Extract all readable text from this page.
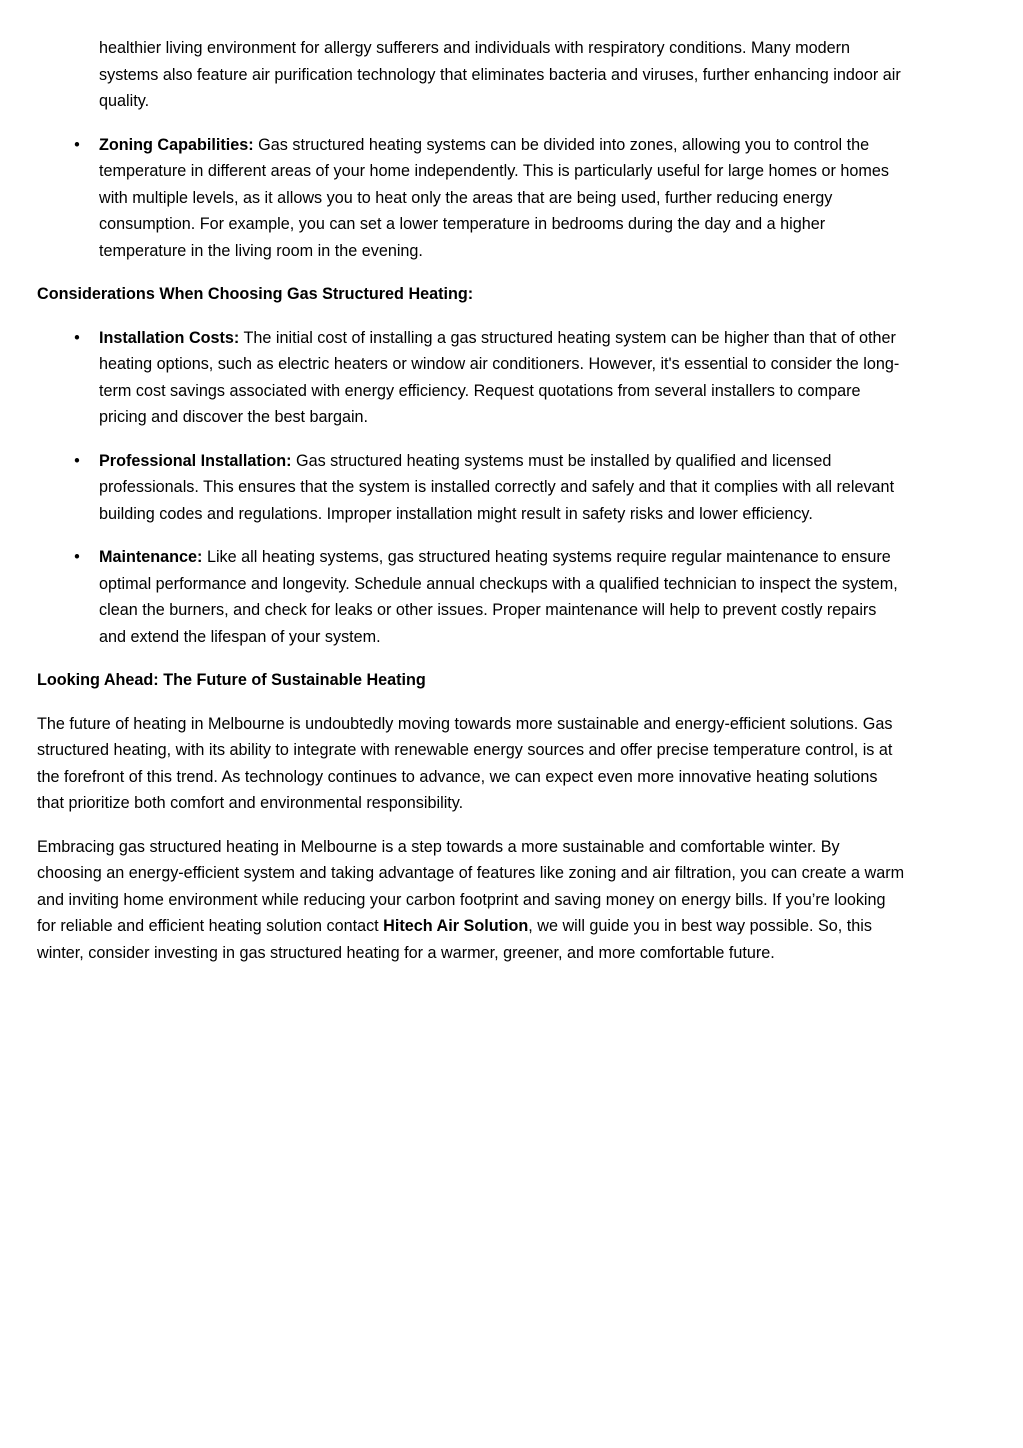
healthier living environment for allergy sufferers and individuals with respiratory conditions. Many modern systems also feature air purification technology that eliminates bacteria and viruses, further enhancing indoor air quality.

• Zoning Capabilities: Gas structured heating systems can be divided into zones, allowing you to control the temperature in different areas of your home independently. This is particularly useful for large homes or homes with multiple levels, as it allows you to heat only the areas that are being used, further reducing energy consumption. For example, you can set a lower temperature in bedrooms during the day and a higher temperature in the living room in the evening.

Considerations When Choosing Gas Structured Heating:

• Installation Costs: The initial cost of installing a gas structured heating system can be higher than that of other heating options, such as electric heaters or window air conditioners. However, it's essential to consider the long-term cost savings associated with energy efficiency. Request quotations from several installers to compare pricing and discover the best bargain.
• Professional Installation: Gas structured heating systems must be installed by qualified and licensed professionals. This ensures that the system is installed correctly and safely and that it complies with all relevant building codes and regulations. Improper installation might result in safety risks and lower efficiency.
• Maintenance: Like all heating systems, gas structured heating systems require regular maintenance to ensure optimal performance and longevity. Schedule annual checkups with a qualified technician to inspect the system, clean the burners, and check for leaks or other issues. Proper maintenance will help to prevent costly repairs and extend the lifespan of your system.

Looking Ahead: The Future of Sustainable Heating

The future of heating in Melbourne is undoubtedly moving towards more sustainable and energy-efficient solutions. Gas structured heating, with its ability to integrate with renewable energy sources and offer precise temperature control, is at the forefront of this trend. As technology continues to advance, we can expect even more innovative heating solutions that prioritize both comfort and environmental responsibility.

Embracing gas structured heating in Melbourne is a step towards a more sustainable and comfortable winter. By choosing an energy-efficient system and taking advantage of features like zoning and air filtration, you can create a warm and inviting home environment while reducing your carbon footprint and saving money on energy bills. If you’re looking for reliable and efficient heating solution contact Hitech Air Solution, we will guide you in best way possible. So, this winter, consider investing in gas structured heating for a warmer, greener, and more comfortable future.
